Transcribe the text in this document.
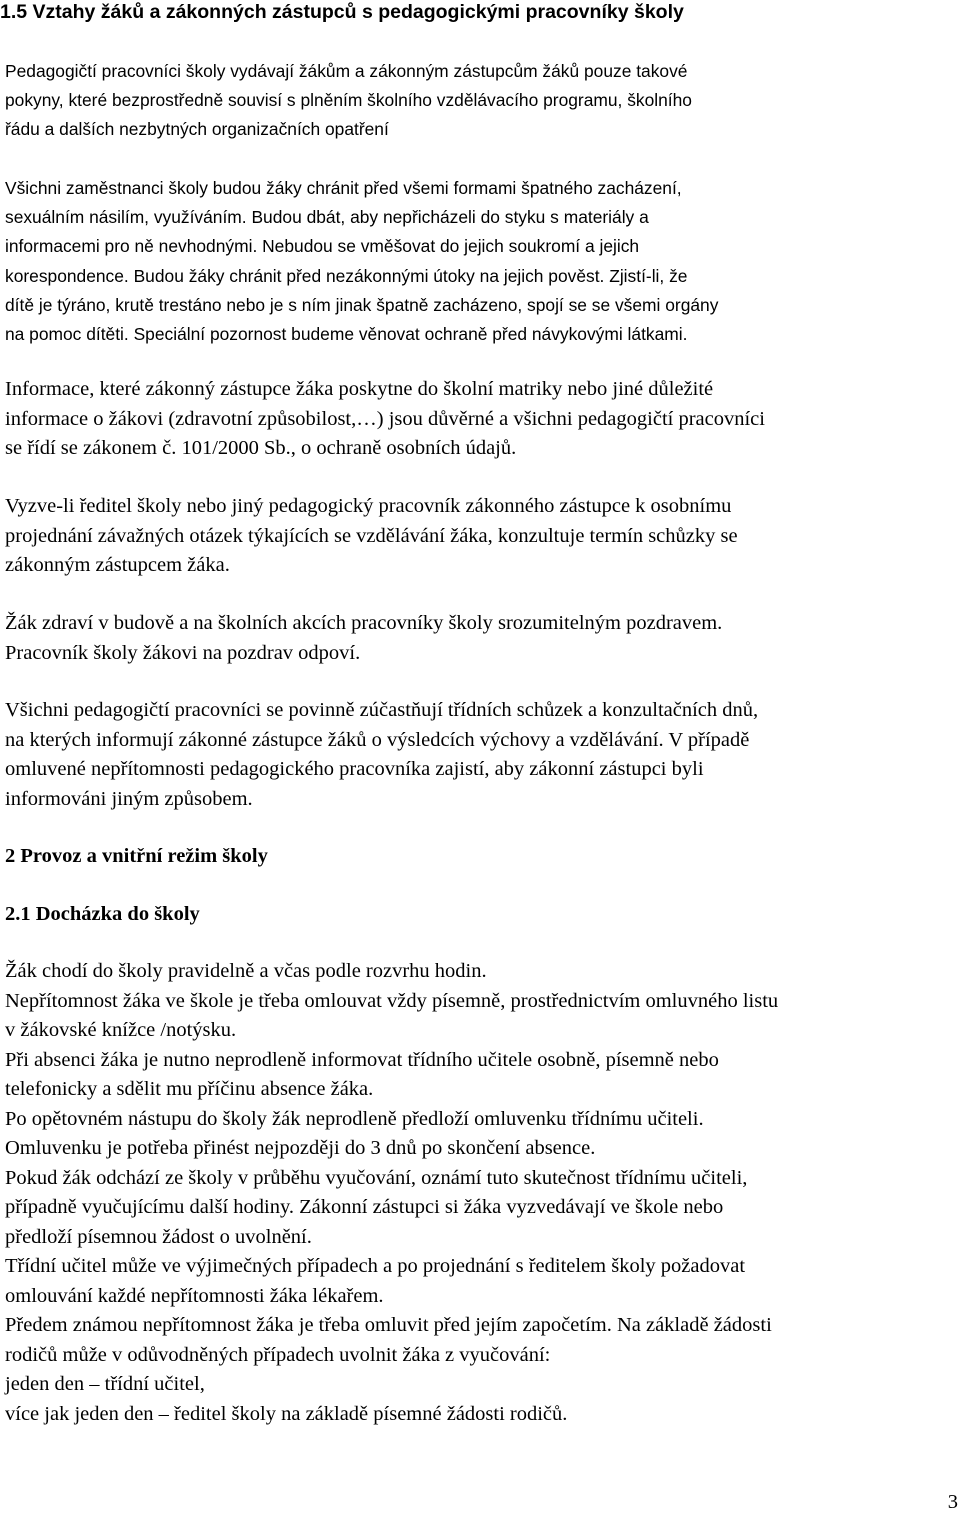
1.5 Vztahy žáků a zákonných zástupců s pedagogickými pracovníky školy

Pedagogičtí pracovníci školy vydávají žákům a zákonným zástupcům žáků pouze takové
pokyny, které bezprostředně souvisí s plněním školního vzdělávacího programu, školního
řádu a dalších nezbytných organizačních opatření

Všichni zaměstnanci školy budou žáky chránit před všemi formami špatného zacházení,
sexuálním násilím, využíváním. Budou dbát, aby nepřicházeli do styku s materiály a
informacemi pro ně nevhodnými. Nebudou se vměšovat do jejich soukromí a jejich
korespondence. Budou žáky chránit před nezákonnými útoky na jejich pověst. Zjistí-li, že
dítě je týráno, krutě trestáno nebo je s ním jinak špatně zacházeno, spojí se se všemi orgány
na pomoc dítěti. Speciální pozornost budeme věnovat ochraně před návykovými látkami.

Informace, které zákonný zástupce žáka poskytne do školní matriky nebo jiné důležité
informace o žákovi (zdravotní způsobilost,…) jsou důvěrné a všichni pedagogičtí pracovníci
se řídí se zákonem č. 101/2000 Sb., o ochraně osobních údajů.

Vyzve-li ředitel školy nebo jiný pedagogický pracovník zákonného zástupce k osobnímu
projednání závažných otázek týkajících se vzdělávání žáka, konzultuje termín schůzky se
zákonným zástupcem žáka.

Žák zdraví v budově a na školních akcích pracovníky školy srozumitelným pozdravem.
Pracovník školy žákovi na pozdrav odpoví.

Všichni pedagogičtí pracovníci se povinně zúčastňují třídních schůzek a konzultačních dnů,
na kterých informují zákonné zástupce žáků o výsledcích výchovy a vzdělávání. V případě
omluvené nepřítomnosti pedagogického pracovníka zajistí, aby zákonní zástupci byli
informováni jiným způsobem.

2 Provoz a vnitřní režim školy
2.1 Docházka do školy

Žák chodí do školy pravidelně a včas podle rozvrhu hodin.
Nepřítomnost žáka ve škole je třeba omlouvat vždy písemně, prostřednictvím omluvného listu
v žákovské knížce /notýsku.
Při absenci žáka je nutno neprodleně informovat třídního učitele osobně, písemně nebo
telefonicky a sdělit mu příčinu absence žáka.
Po opětovném nástupu do školy žák neprodleně předloží omluvenku třídnímu učiteli.
Omluvenku je potřeba přinést nejpozději do 3 dnů po skončení absence.
Pokud žák odchází ze školy v průběhu vyučování, oznámí tuto skutečnost třídnímu učiteli,
případně vyučujícímu další hodiny. Zákonní zástupci si žáka vyzvedávají ve škole nebo
předloží písemnou žádost o uvolnění.
Třídní učitel může ve výjimečných případech a po projednání s ředitelem školy požadovat
omlouvání každé nepřítomnosti žáka lékařem.
Předem známou nepřítomnost žáka je třeba omluvit před jejím započetím. Na základě žádosti
rodičů může v odůvodněných případech uvolnit žáka z vyučování:
jeden den – třídní učitel,
více jak jeden den – ředitel školy na základě písemné žádosti rodičů.

3
